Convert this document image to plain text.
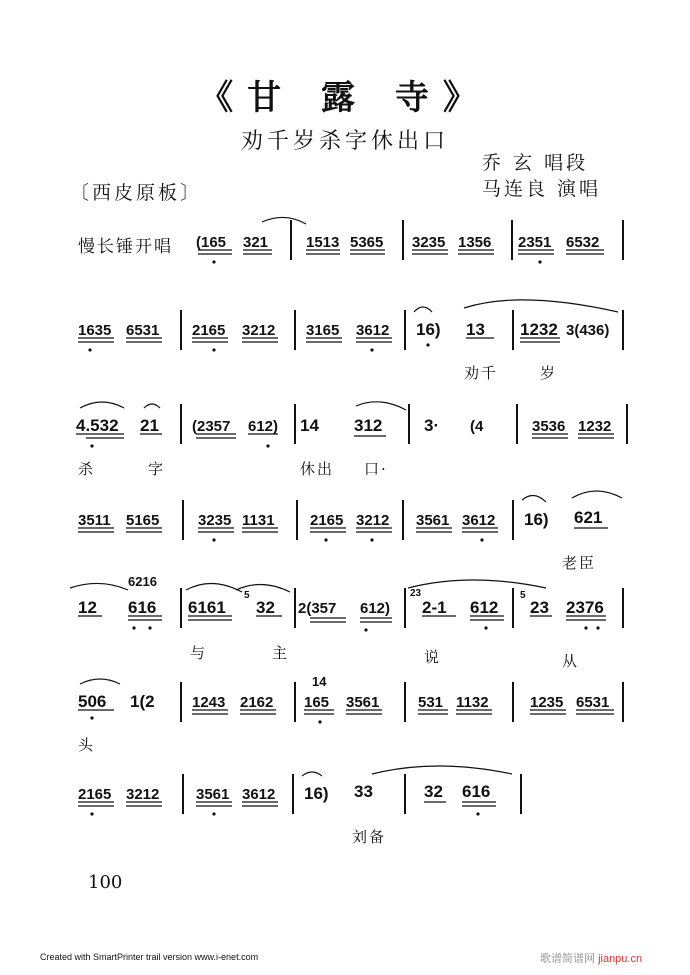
《甘 露 寺》
劝千岁杀字休出口
乔 玄 唱段
马连良 演唱
〔西皮原板〕
慢长锤开唱 (165 321	1513 5365 3235 1356 2351 6532
1635 6531 2165 3212 3165 3612 16) 13 1232 3(436)
劝千	岁
4.532 21 (2357 612) 14 312 3· (4	3536 1232
杀	字	休出 口·
3511 5165	3235 1131 2165 3212 3561 3612 16) 621
老臣
6216
12 616 6161
5
32 2(357 612)
23
2-1 612
5
23 2376
与	主	说	从
506 1(2 1243 2162
14
165 3561	531 1132	1235 6531
头
2165 3212 3561 3612 16) 33	32 616
刘备
100
Created with SmartPrinter trail version www.i-enet.com	歌谱简谱网 jianpu.cn
